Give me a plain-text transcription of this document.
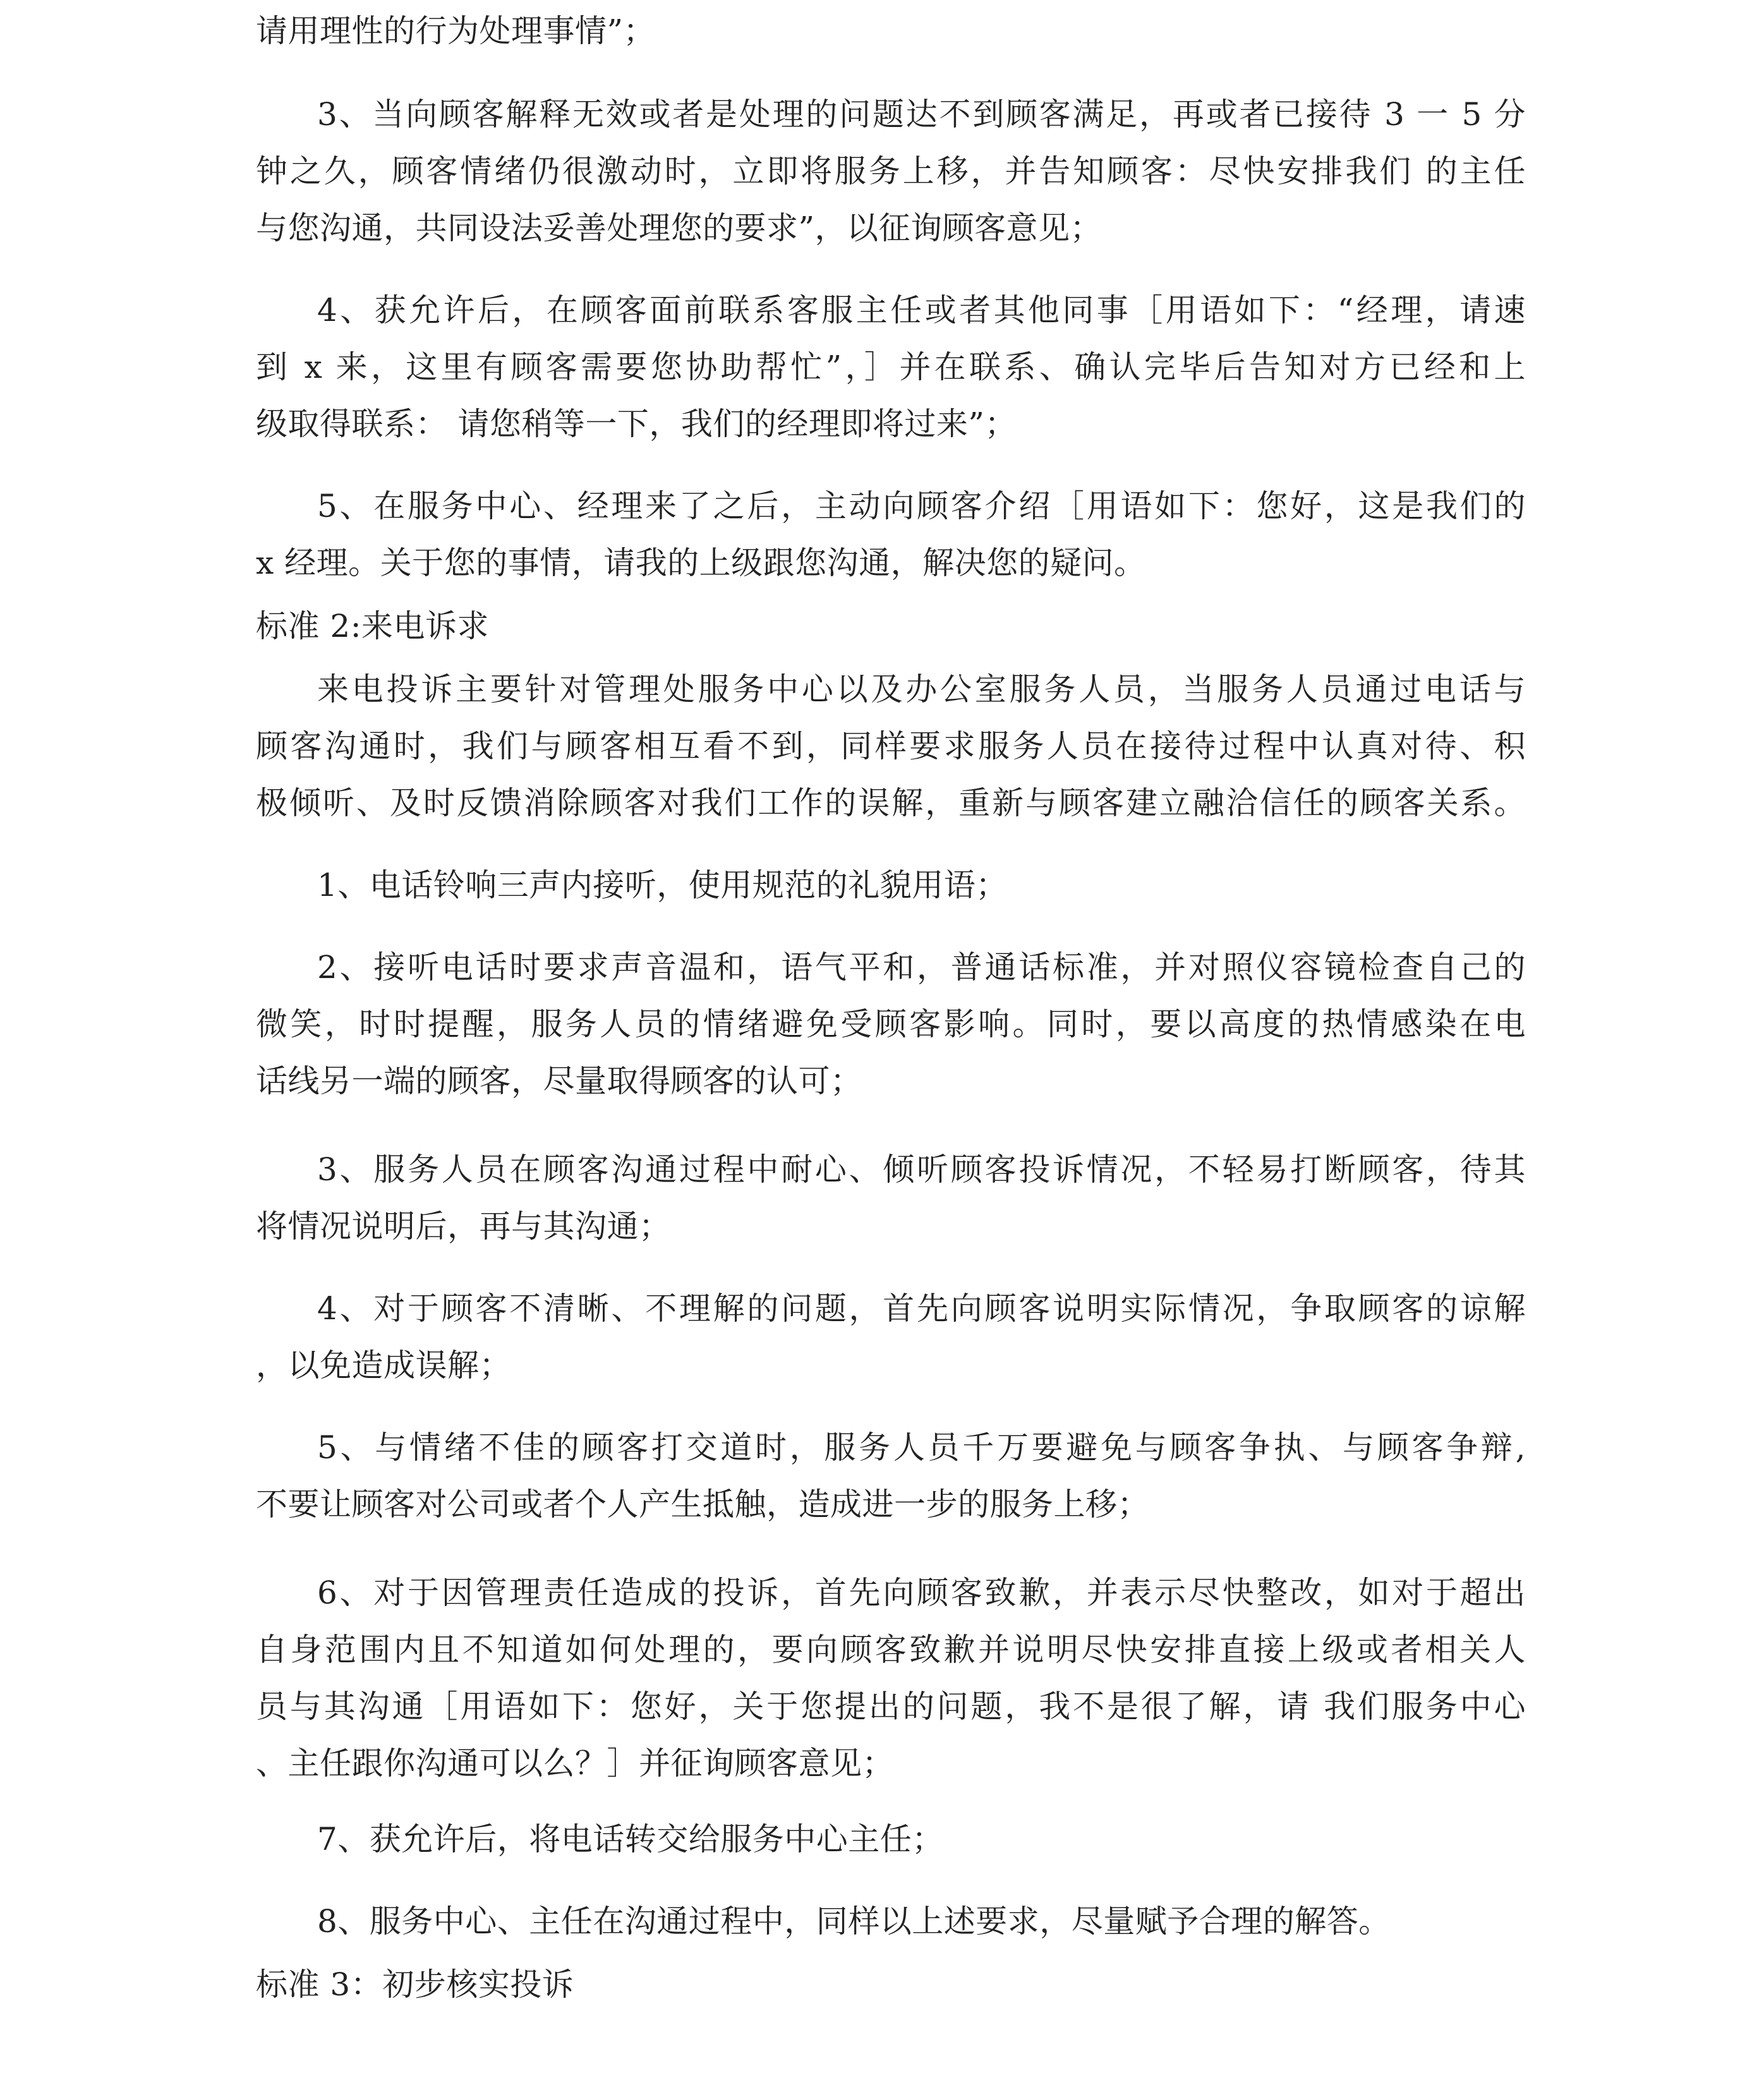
请用理性的行为处理事情”；
3、当向顾客解释无效或者是处理的问题达不到顾客满足，再或者已接待 3 一 5 分
钟之久，顾客情绪仍很激动时，立即将服务上移，并告知顾客：尽快安排我们 的主任
与您沟通，共同设法妥善处理您的要求”，以征询顾客意见；
4、获允许后，在顾客面前联系客服主任或者其他同事［用语如下：“经理，请速
到 x 来，这里有顾客需要您协助帮忙”，］并在联系、确认完毕后告知对方已经和上
级取得联系： 请您稍等一下，我们的经理即将过来”；
5、在服务中心、经理来了之后，主动向顾客介绍［用语如下：您好，这是我们的
x 经理。关于您的事情，请我的上级跟您沟通，解决您的疑问。
标准 2:来电诉求
来电投诉主要针对管理处服务中心以及办公室服务人员，当服务人员通过电话与
顾客沟通时，我们与顾客相互看不到，同样要求服务人员在接待过程中认真对待、积
极倾听、及时反馈消除顾客对我们工作的误解，重新与顾客建立融洽信任的顾客关系。
1、电话铃响三声内接听，使用规范的礼貌用语；
2、接听电话时要求声音温和，语气平和，普通话标准，并对照仪容镜检查自己的
微笑，时时提醒，服务人员的情绪避免受顾客影响。同时，要以高度的热情感染在电
话线另一端的顾客，尽量取得顾客的认可；
3、服务人员在顾客沟通过程中耐心、倾听顾客投诉情况，不轻易打断顾客，待其
将情况说明后，再与其沟通；
4、对于顾客不清晰、不理解的问题，首先向顾客说明实际情况，争取顾客的谅解
，以免造成误解；
5、与情绪不佳的顾客打交道时，服务人员千万要避免与顾客争执、与顾客争辩,
不要让顾客对公司或者个人产生抵触，造成进一步的服务上移；
6、对于因管理责任造成的投诉，首先向顾客致歉，并表示尽快整改，如对于超出
自身范围内且不知道如何处理的，要向顾客致歉并说明尽快安排直接上级或者相关人
员与其沟通［用语如下：您好，关于您提出的问题，我不是很了解，请 我们服务中心
、主任跟你沟通可以么？］并征询顾客意见；
7、获允许后，将电话转交给服务中心主任；
8、服务中心、主任在沟通过程中，同样以上述要求，尽量赋予合理的解答。
标准 3：初步核实投诉
